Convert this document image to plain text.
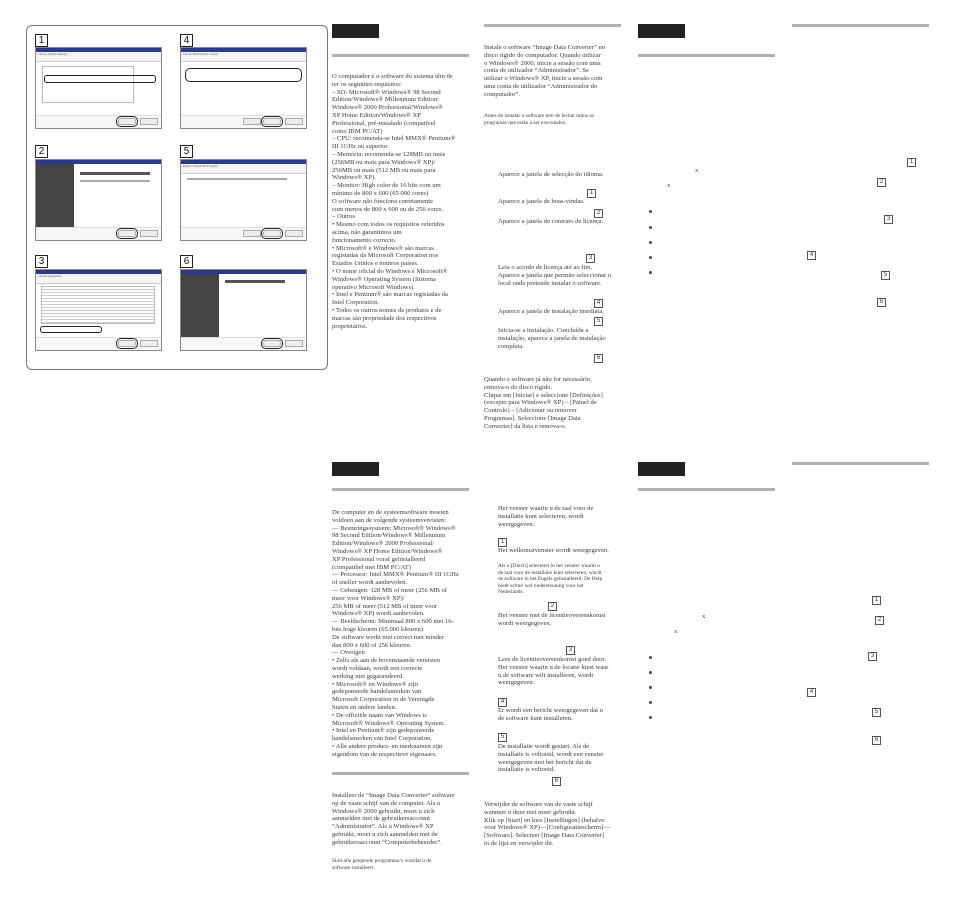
1
2
3
4
5
6
Choose Setup Language
License Agreement
Choose Destination Location
Ready to Install the Program
O computador e o software do sistema têm de
ter os seguintes requisitos:
– SO: Microsoft® Windows® 98 Second
Edition/Windows® Millennium Edition/
Windows® 2000 Professional/Windows®
XP Home Edition/Windows® XP
Professional, pré-instalado (compatível
como IBM PC/AT)
– CPU: recomenda-se Intel MMX® Pentium®
III 1GHz ou superior.
– Memória: recomenda-se 128MB ou mais
(256MB ou mais para Windows® XP)/
256MB ou mais (512 MB ou mais para
Windows® XP).
– Monitor: High color de 16 bits com um
mínimo de 800 x 600 (65 000 cores)
O software não funciona corretamente
com menos de 800 x 600 ou de 256 cores.
– Outros
• Mesmo com todos os requisitos referidos
acima, não garantimos um
funcionamento correcto.
• Microsoft® e Windows® são marcas
registadas da Microsoft Corporation nos
Estados Unidos e noutros países.
• O nome oficial do Windows é Microsoft®
Windows® Operating System (Sistema
operativo Microsoft Windows).
• Intel e Pentium® são marcas registadas da
Intel Corporation.
• Todos os outros nomes de produtos e de
marcas são propriedade dos respectivos
proprietários.
Instale o software “Image Data Converter” no
disco rígido do computador. Quando utilizar
o Windows® 2000, inicie a sessão com uma
conta de utilizador “Administrador”. Se
utilizar o Windows® XP, inicie a sessão com
uma conta de utilizador “Administrador do
computador”.
Antes de instalar o software tem de fechar todos os
programas que estão a ser executados.
Aparece a janela de selecção do idioma.
1
Aparece a janela de boas-vindas.
2
Aparece a janela do contrato de licença.
3
Leia o acordo de licença até ao fim.
Aparece a janela que permite seleccionar o
local onde pretende instalar o software.
4
Aparece a janela de instalação imediata.
5
Inicia-se a instalação. Concluída a
instalação, aparece a janela de instalação
completa.
6
Quando o software já não for necessário,
remova-o do disco rígido.
Clique em [Iniciar] e seleccione [Definições]
(excepto para Windows® XP) – [Painel de
Controlo] – [Adicionar ou remover
Programas]. Seleccione [Image Data
Converter] da lista e remova-o.
1
2
3
4
5
6
x
x
De computer en de systeemsoftware moeten
voldoen aan de volgende systeemvereisten:
— Besturingssysteem: Microsoft® Windows®
98 Second Edition/Windows® Millennium
Edition/Windows® 2000 Professional/
Windows® XP Home Edition/Windows®
XP Professional voraf geïnstalleerd
(compatibel met IBM PC/AT)
— Processor: Intel MMX® Pentium® III 1GHz
of sneller wordt aanbevolen.
— Geheugen: 128 MB of meer (256 MB of
meer voor Windows® XP)/
256 MB of meer (512 MB of meer voor
Windows® XP) wordt aanbevolen.
— Beeldscherm: Minimaal 800 x 600 met 16-
bits hoge kleuren (65.000 kleuren)
De software werkt niet correct met minder
dan 800 x 600 of 256 kleuren.
— Overigen
• Zelfs als aan de bovenstaande vereisten
wordt voldaan, wordt een correcte
werking niet gegarandeerd.
• Microsoft® en Windows® zijn
gedeponeerde handelsmerken van
Microsoft Corporation in de Verenigde
Staten en andere landen.
• De officiële naam van Windows is
Microsoft® Windows® Operating System.
• Intel en Pentium® zijn gedeponeerde
handelsmerken van Intel Corporation.
• Alle andere product- en merknamen zijn
eigendom van de respectieve eigenaars.
Installeer de “Image Data Converter” software
op de vaste schijf van de computer. Als u
Windows® 2000 gebruikt, moet u zich
aanmelden met de gebruikersaccount
“Administrator”. Als u Windows® XP
gebruikt, moet u zich aanmelden met de
gebruikersaccount “Computerbeheerder”.
Sluit alle geopende programma’s voordat u de
software installeert.
Het venster waarin u de taal voor de
installatie kunt selecteren, wordt
weergegeven.
1
Het welkomstvenster wordt weergegeven.
Als u [Dutch] selecteert in het venster waarin u
de taal voor de installatie kunt selecteren, wordt
de software in het Engels geïnstalleerd. De Help
biedt echter wel ondersteuning voor het
Nederlands.
2
Het venster met de licentieovereenkomst
wordt weergegeven.
3
Lees de licentieovereenkomst goed door.
Het venster waarin u de locatie kiest waar
u de software wilt installeren, wordt
weergegeven.
4
Er wordt een bericht weergegeven dat u
de software kunt installeren.
5
De installatie wordt gestart. Als de
installatie is voltooid, wordt een venster
weergegeven met het bericht dat de
installatie is voltooid.
6
Verwijder de software van de vaste schijf
wanneer u deze niet meer gebruikt.
Klik op [Start] en kies [Instellingen] (behalve
voor Windows® XP)—[Configuratiescherm]—
[Software]. Selecteer [Image Data Converter]
in de lijst en verwijder dit.
1
2
3
4
5
6
x
x
